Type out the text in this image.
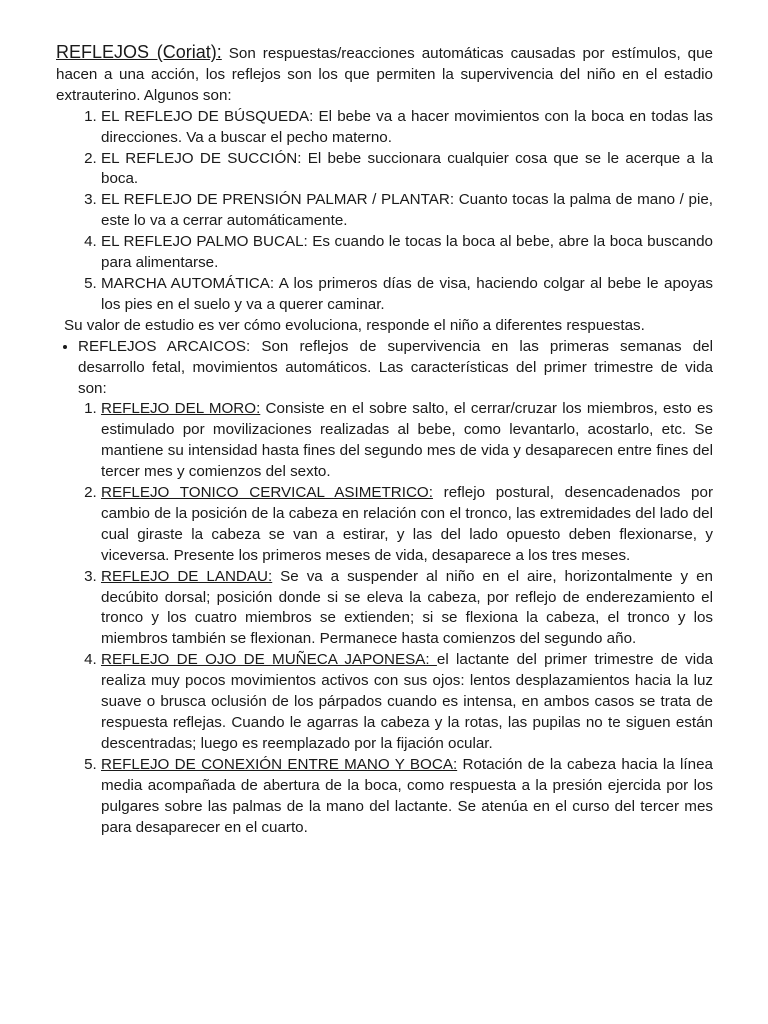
REFLEJOS (Coriat): Son respuestas/reacciones automáticas causadas por estímulos, que hacen a una acción, los reflejos son los que permiten la supervivencia del niño en el estadio extrauterino. Algunos son:

1. EL REFLEJO DE BÚSQUEDA: El bebe va a hacer movimientos con la boca en todas las direcciones. Va a buscar el pecho materno.
2. EL REFLEJO DE SUCCIÓN: El bebe succionara cualquier cosa que se le acerque a la boca.
3. EL REFLEJO DE PRENSIÓN PALMAR / PLANTAR: Cuanto tocas la palma de mano / pie, este lo va a cerrar automáticamente.
4. EL REFLEJO PALMO BUCAL: Es cuando le tocas la boca al bebe, abre la boca buscando para alimentarse.
5. MARCHA AUTOMÁTICA: A los primeros días de visa, haciendo colgar al bebe le apoyas los pies en el suelo y va a querer caminar.

Su valor de estudio es ver cómo evoluciona, responde el niño a diferentes respuestas.

• REFLEJOS ARCAICOS: Son reflejos de supervivencia en las primeras semanas del desarrollo fetal, movimientos automáticos. Las características del primer trimestre de vida son:
1. REFLEJO DEL MORO: Consiste en el sobre salto, el cerrar/cruzar los miembros, esto es estimulado por movilizaciones realizadas al bebe, como levantarlo, acostarlo, etc. Se mantiene su intensidad hasta fines del segundo mes de vida y desaparecen entre fines del tercer mes y comienzos del sexto.
2. REFLEJO TONICO CERVICAL ASIMETRICO: reflejo postural, desencadenados por cambio de la posición de la cabeza en relación con el tronco, las extremidades del lado del cual giraste la cabeza se van a estirar, y las del lado opuesto deben flexionarse, y viceversa. Presente los primeros meses de vida, desaparece a los tres meses.
3. REFLEJO DE LANDAU: Se va a suspender al niño en el aire, horizontalmente y en decúbito dorsal; posición donde si se eleva la cabeza, por reflejo de enderezamiento el tronco y los cuatro miembros se extienden; si se flexiona la cabeza, el tronco y los miembros también se flexionan. Permanece hasta comienzos del segundo año.
4. REFLEJO DE OJO DE MUÑECA JAPONESA: el lactante del primer trimestre de vida realiza muy pocos movimientos activos con sus ojos: lentos desplazamientos hacia la luz suave o brusca oclusión de los párpados cuando es intensa, en ambos casos se trata de respuesta reflejas. Cuando le agarras la cabeza y la rotas, las pupilas no te siguen están descentradas; luego es reemplazado por la fijación ocular.
5. REFLEJO DE CONEXIÓN ENTRE MANO Y BOCA: Rotación de la cabeza hacia la línea media acompañada de abertura de la boca, como respuesta a la presión ejercida por los pulgares sobre las palmas de la mano del lactante. Se atenúa en el curso del tercer mes para desaparecer en el cuarto.
